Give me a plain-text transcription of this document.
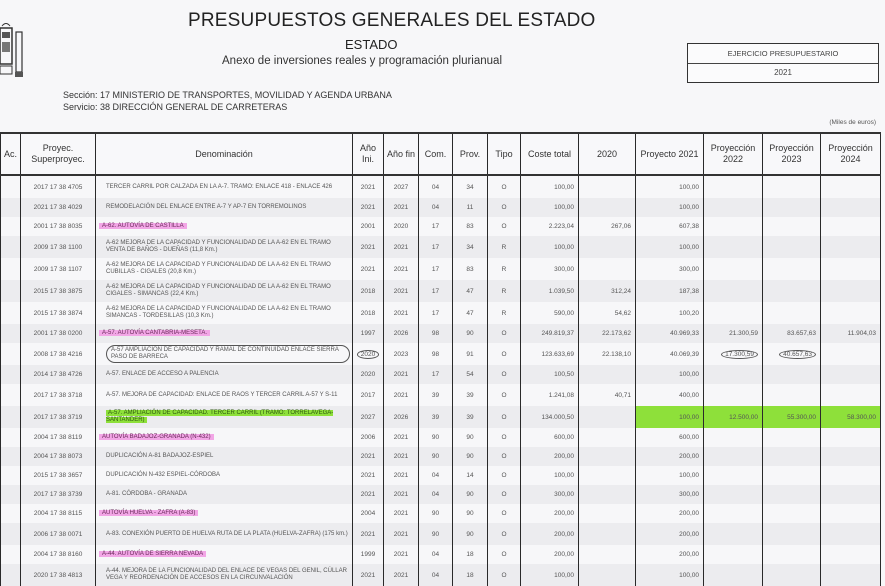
PRESUPUESTOS GENERALES DEL ESTADO
ESTADO
Anexo de inversiones reales y programación plurianual
Sección: 17 MINISTERIO DE TRANSPORTES, MOVILIDAD Y AGENDA URBANA
Servicio: 38 DIRECCIÓN GENERAL DE CARRETERAS
EJERCICIO PRESUPUESTARIO
2021
(Miles de euros)
Ac.	Proyec. Superproyec.	Denominación	Año Ini.	Año fin	Com.	Prov.	Tipo	Coste total	2020	Proyecto 2021	Proyección 2022	Proyección 2023	Proyección 2024
	2017 17 38 4705	TERCER CARRIL POR CALZADA EN LA A-7. TRAMO: ENLACE 418 - ENLACE 426	2021	2027	04	34	O	100,00		100,00			
	2021 17 38 4029	REMODELACIÓN DEL ENLACE ENTRE A-7 Y AP-7 EN TORREMOLINOS	2021	2021	04	11	O	100,00		100,00			
	2001 17 38 8035	A-62. AUTOVÍA DE CASTILLA	2001	2020	17	83	O	2.223,04	267,06	607,38			
	2009 17 38 1100	A-62 MEJORA DE LA CAPACIDAD Y FUNCIONALIDAD DE LA A-62 EN EL TRAMO VENTA DE BAÑOS - DUEÑAS (11,8 Km.)	2021	2021	17	34	R	100,00		100,00			
	2009 17 38 1107	A-62 MEJORA DE LA CAPACIDAD Y FUNCIONALIDAD DE LA A-62 EN EL TRAMO CUBILLAS - CIGALES (20,8 Km.)	2021	2021	17	83	R	300,00		300,00			
	2015 17 38 3875	A-62 MEJORA DE LA CAPACIDAD Y FUNCIONALIDAD DE LA A-62 EN EL TRAMO CIGALES - SIMANCAS (22,4 Km.)	2018	2021	17	47	R	1.039,50	312,24	187,38			
	2015 17 38 3874	A-62 MEJORA DE LA CAPACIDAD Y FUNCIONALIDAD DE LA A-62 EN EL TRAMO SIMANCAS - TORDESILLAS (10,3 Km.)	2018	2021	17	47	R	590,00	54,62	100,20			
	2001 17 38 0200	A-57. AUTOVÍA CANTABRIA-MESETA.	1997	2026	98	90	O	249.819,37	22.173,62	40.969,33	21.300,59	83.657,63	11.904,03
	2008 17 38 4216	A-57 AMPLIACIÓN DE CAPACIDAD Y RAMAL DE CONTINUIDAD ENLACE SIERRA PASO DE BARRECA	2020	2023	98	91	O	123.633,69	22.138,10	40.069,39	17.300,59	40.657,63	
	2014 17 38 4726	A-57. ENLACE DE ACCESO A PALENCIA	2020	2021	17	54	O	100,50		100,00			
	2017 17 38 3718	A-57. MEJORA DE CAPACIDAD: ENLACE DE RAOS Y TERCER CARRIL A-57 Y S-11	2017	2021	39	39	O	1.241,08	40,71	400,00			
	2017 17 38 3719	A-57. AMPLIACIÓN DE CAPACIDAD. TERCER CARRIL (TRAMO: TORRELAVEGA-SANTANDER)	2027	2026	39	39	O	134.000,50		100,00	12.500,00	55.300,00	58.300,00
	2004 17 38 8119	AUTOVÍA BADAJOZ-GRANADA (N-432)	2006	2021	90	90	O	600,00		600,00			
	2004 17 38 8073	DUPLICACIÓN A-81 BADAJOZ-ESPIEL	2021	2021	90	90	O	200,00		200,00			
	2015 17 38 3657	DUPLICACIÓN N-432 ESPIEL-CÓRDOBA	2021	2021	04	14	O	100,00		100,00			
	2017 17 38 3739	A-81. CÓRDOBA - GRANADA	2021	2021	04	90	O	300,00		300,00			
	2004 17 38 8115	AUTOVÍA HUELVA - ZAFRA (A-83)	2004	2021	90	90	O	200,00		200,00			
	2006 17 38 0071	A-83. CONEXIÓN PUERTO DE HUELVA RUTA DE LA PLATA (HUELVA-ZAFRA) (175 km.)	2021	2021	90	90	O	200,00		200,00			
	2004 17 38 8160	A-44. AUTOVÍA DE SIERRA NEVADA	1999	2021	04	18	O	200,00		200,00			
	2020 17 38 4813	A-44. MEJORA DE LA FUNCIONALIDAD DEL ENLACE DE VEGAS DEL GENIL, CÚLLAR VEGA Y REORDENACIÓN DE ACCESOS EN LA CIRCUNVALACIÓN	2021	2021	04	18	O	100,00		100,00			
